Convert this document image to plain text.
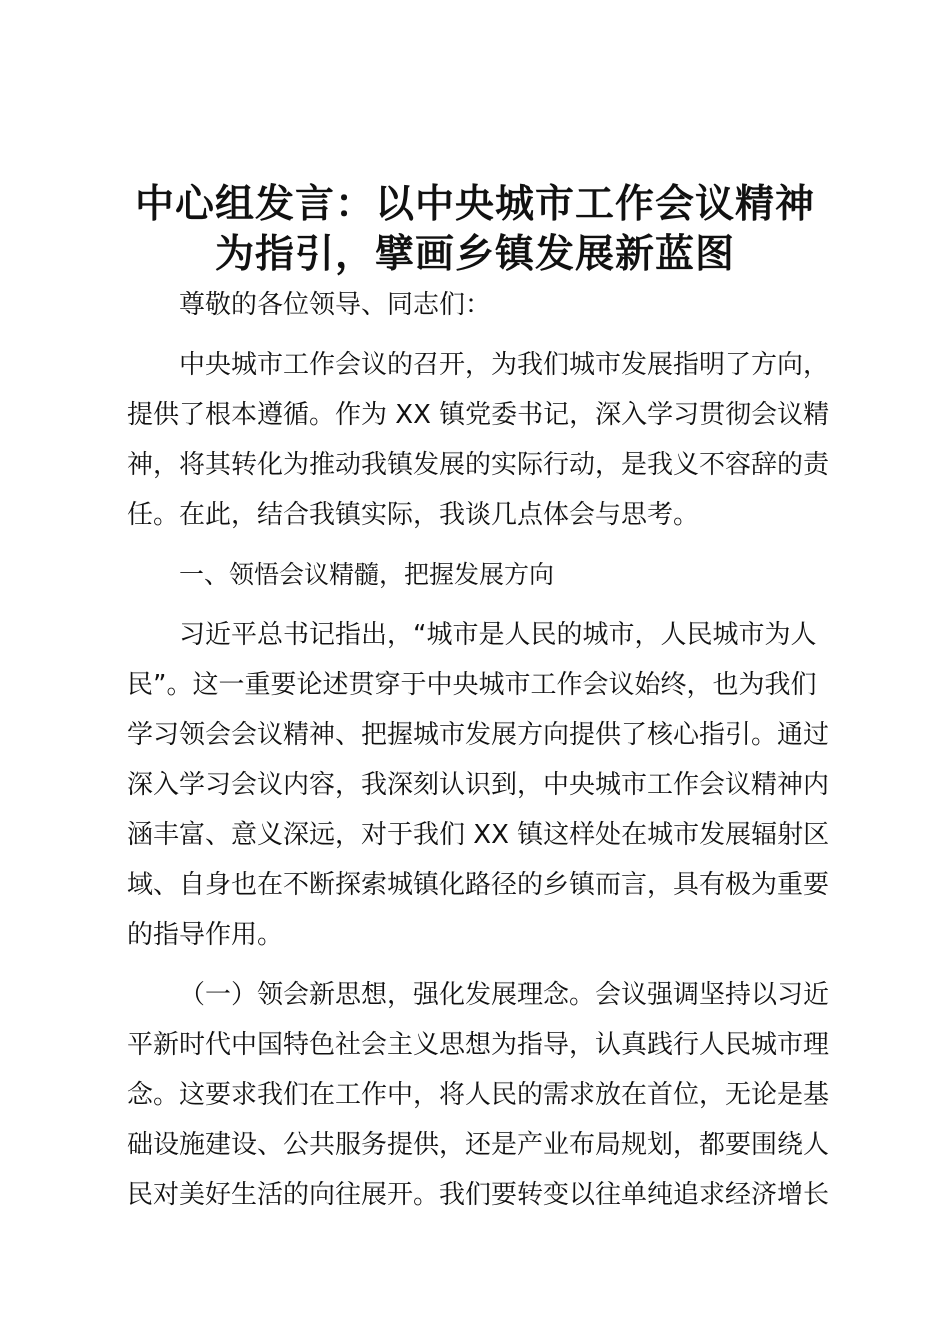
中心组发言：以中央城市工作会议精神
为指引，擘画乡镇发展新蓝图
尊敬的各位领导、同志们：
中央城市工作会议的召开，为我们城市发展指明了方向，
提供了根本遵循。作为 XX 镇党委书记，深入学习贯彻会议精
神，将其转化为推动我镇发展的实际行动，是我义不容辞的责
任。在此，结合我镇实际，我谈几点体会与思考。
一、领悟会议精髓，把握发展方向
习近平总书记指出，“城市是人民的城市，人民城市为人
民”。这一重要论述贯穿于中央城市工作会议始终，也为我们
学习领会会议精神、把握城市发展方向提供了核心指引。通过
深入学习会议内容，我深刻认识到，中央城市工作会议精神内
涵丰富、意义深远，对于我们 XX 镇这样处在城市发展辐射区
域、自身也在不断探索城镇化路径的乡镇而言，具有极为重要
的指导作用。
（一）领会新思想，强化发展理念。会议强调坚持以习近
平新时代中国特色社会主义思想为指导，认真践行人民城市理
念。这要求我们在工作中，将人民的需求放在首位，无论是基
础设施建设、公共服务提供，还是产业布局规划，都要围绕人
民对美好生活的向往展开。我们要转变以往单纯追求经济增长
